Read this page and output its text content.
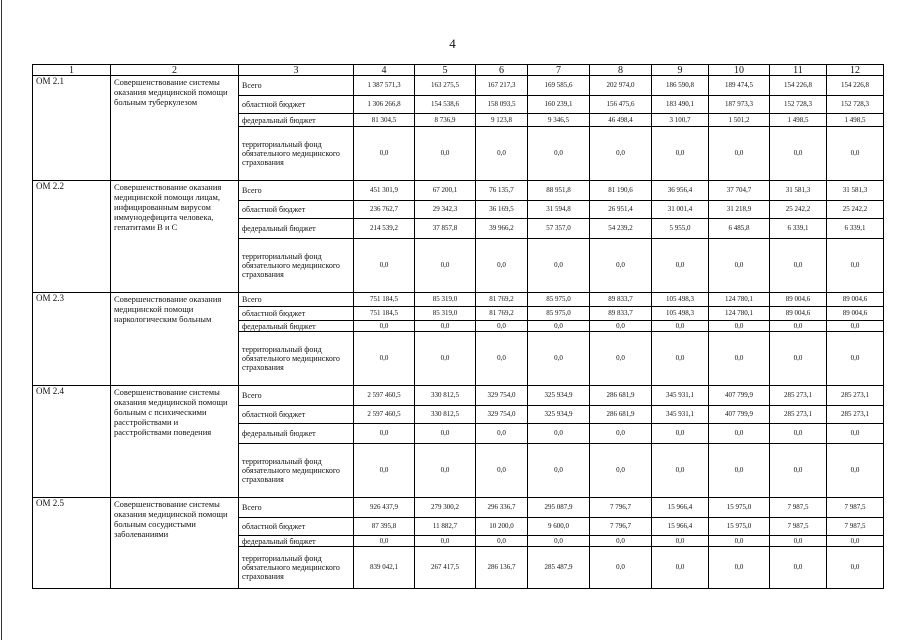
4
1	2	3	4	5	6	7	8	9	10	11	12
ОМ 2.1	Совершенствование системы оказания медицинской помощи больным туберкулезом	Всего	1 387 571,3	163 275,5	167 217,3	169 585,6	202 974,0	186 590,8	189 474,5	154 226,8	154 226,8
		областной бюджет	1 306 266,8	154 538,6	158 093,5	160 239,1	156 475,6	183 490,1	187 973,3	152 728,3	152 728,3
		федеральный бюджет	81 304,5	8 736,9	9 123,8	9 346,5	46 498,4	3 100,7	1 501,2	1 498,5	1 498,5
		территориальный фонд обязательного медицинского страхования	0,0	0,0	0,0	0,0	0,0	0,0	0,0	0,0	0,0
ОМ 2.2	Совершенствование оказания медицинской помощи лицам, инфицированным вирусом иммунодефицита человека, гепатитами В и С	Всего	451 301,9	67 200,1	76 135,7	88 951,8	81 190,6	36 956,4	37 704,7	31 581,3	31 581,3
		областной бюджет	236 762,7	29 342,3	36 169,5	31 594,8	26 951,4	31 001,4	31 218,9	25 242,2	25 242,2
		федеральный бюджет	214 539,2	37 857,8	39 966,2	57 357,0	54 239,2	5 955,0	6 485,8	6 339,1	6 339,1
		территориальный фонд обязательного медицинского страхования	0,0	0,0	0,0	0,0	0,0	0,0	0,0	0,0	0,0
ОМ 2.3	Совершенствование оказания медицинской помощи наркологическим больным	Всего	751 184,5	85 319,0	81 769,2	85 975,0	89 833,7	105 498,3	124 780,1	89 004,6	89 004,6
		областной бюджет	751 184,5	85 319,0	81 769,2	85 975,0	89 833,7	105 498,3	124 780,1	89 004,6	89 004,6
		федеральный бюджет	0,0	0,0	0,0	0,0	0,0	0,0	0,0	0,0	0,0
		территориальный фонд обязательного медицинского страхования	0,0	0,0	0,0	0,0	0,0	0,0	0,0	0,0	0,0
ОМ 2.4	Совершенствование системы оказания медицинской помощи больным с психическими расстройствами и расстройствами поведения	Всего	2 597 460,5	330 812,5	329 754,0	325 934,9	286 681,9	345 931,1	407 799,9	285 273,1	285 273,1
		областной бюджет	2 597 460,5	330 812,5	329 754,0	325 934,9	286 681,9	345 931,1	407 799,9	285 273,1	285 273,1
		федеральный бюджет	0,0	0,0	0,0	0,0	0,0	0,0	0,0	0,0	0,0
		территориальный фонд обязательного медицинского страхования	0,0	0,0	0,0	0,0	0,0	0,0	0,0	0,0	0,0
ОМ 2.5	Совершенствование системы оказания медицинской помощи больным сосудистыми заболеваниями	Всего	926 437,9	279 300,2	296 336,7	295 087,9	7 796,7	15 966,4	15 975,0	7 987,5	7 987,5
		областной бюджет	87 395,8	11 882,7	10 200,0	9 600,0	7 796,7	15 966,4	15 975,0	7 987,5	7 987,5
		федеральный бюджет	0,0	0,0	0,0	0,0	0,0	0,0	0,0	0,0	0,0
		территориальный фонд обязательного медицинского страхования	839 042,1	267 417,5	286 136,7	285 487,9	0,0	0,0	0,0	0,0	0,0
